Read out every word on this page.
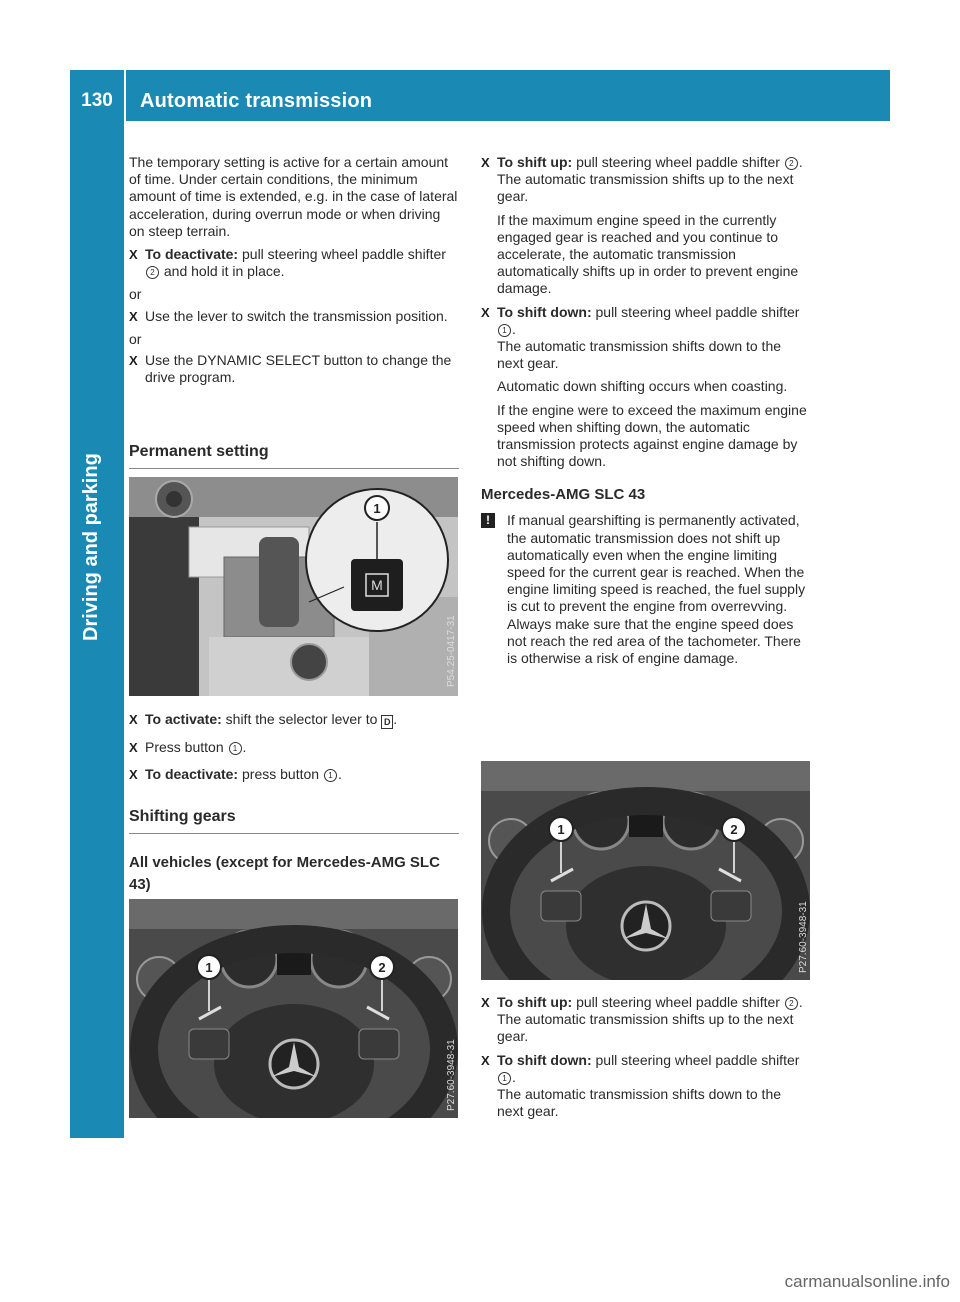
130	Automatic transmission
Driving and parking

The temporary setting is active for a certain amount of time. Under certain conditions, the minimum amount of time is extended, e.g. in the case of lateral acceleration, during overrun mode or when driving on steep terrain.

X To deactivate: pull steering wheel paddle shifter 2 and hold it in place.
or
X Use the lever to switch the transmission position.
or
X Use the DYNAMIC SELECT button to change the drive program.
Permanent setting
M
1
P54.25-0417-31
X To activate: shift the selector lever to D .
X Press button 1 .
X To deactivate: press button 1 .
Shifting gears
All vehicles (except for Mercedes-AMG SLC 43)
1	2
P27.60-3948-31
X To shift up: pull steering wheel paddle shifter 2 .
The automatic transmission shifts up to the next gear.

If the maximum engine speed in the currently engaged gear is reached and you continue to accelerate, the automatic transmission automatically shifts up in order to prevent engine damage.

X To shift down: pull steering wheel paddle shifter 1 .
The automatic transmission shifts down to the next gear.

Automatic down shifting occurs when coasting.

If the engine were to exceed the maximum engine speed when shifting down, the automatic transmission protects against engine damage by not shifting down.

Mercedes-AMG SLC 43
!	If manual gearshifting is permanently activated, the automatic transmission does not shift up automatically even when the engine limiting speed for the current gear is reached. When the engine limiting speed is reached, the fuel supply is cut to prevent the engine from overrevving. Always make sure that the engine speed does not reach the red area of the tachometer. There is otherwise a risk of engine damage.
1	2
P27.60-3948-31
X To shift up: pull steering wheel paddle shifter 2 .
The automatic transmission shifts up to the next gear.
X To shift down: pull steering wheel paddle shifter 1 .
The automatic transmission shifts down to the next gear.
carmanualsonline.info
